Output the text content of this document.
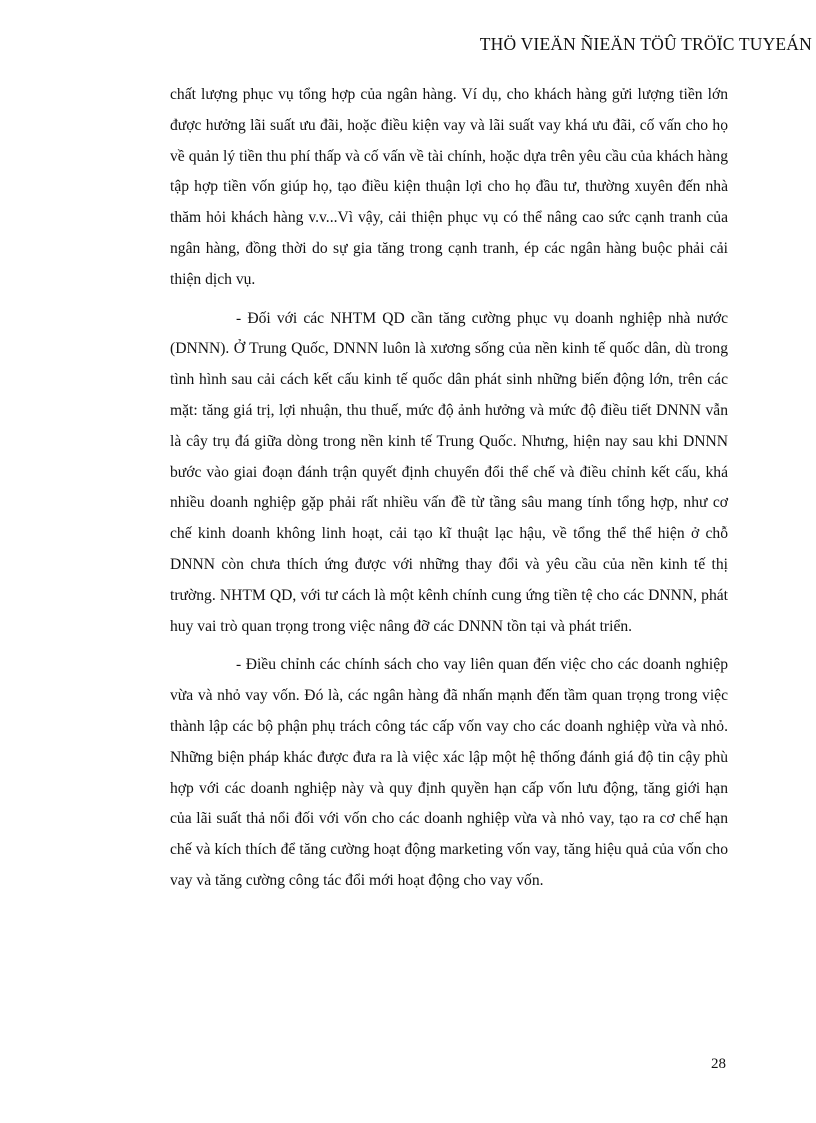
THÖ VIEÄN ÑIEÄN TÖÛ TRÖÏC TUYEÁN

chất lượng phục vụ tổng hợp của ngân hàng. Ví dụ, cho khách hàng gửi lượng tiền lớn được hưởng lãi suất ưu đãi, hoặc điều kiện vay và lãi suất vay khá ưu đãi, cố vấn cho họ về quản lý tiền thu phí thấp và cố vấn về tài chính, hoặc dựa trên yêu cầu của khách hàng tập hợp tiền vốn giúp họ, tạo điều kiện thuận lợi cho họ đầu tư, thường xuyên đến nhà thăm hỏi khách hàng v.v...Vì vậy, cải thiện phục vụ có thể nâng cao sức cạnh tranh của ngân hàng, đồng thời do sự gia tăng trong cạnh tranh, ép các ngân hàng buộc phải cải thiện dịch vụ.

- Đối với các NHTM QD cần tăng cường phục vụ doanh nghiệp nhà nước (DNNN). Ở Trung Quốc, DNNN luôn là xương sống của nền kinh tế quốc dân, dù trong tình hình sau cải cách kết cấu kinh tế quốc dân phát sinh những biến động lớn, trên các mặt: tăng giá trị, lợi nhuận, thu thuế, mức độ ảnh hưởng và mức độ điều tiết DNNN vẫn là cây trụ đá giữa dòng trong nền kinh tế Trung Quốc. Nhưng, hiện nay sau khi DNNN bước vào giai đoạn đánh trận quyết định chuyển đổi thể chế và điều chỉnh kết cấu, khá nhiều doanh nghiệp gặp phải rất nhiều vấn đề từ tầng sâu mang tính tổng hợp, như cơ chế kinh doanh không linh hoạt, cải tạo kĩ thuật lạc hậu, về tổng thể thể hiện ở chỗ DNNN còn chưa thích ứng được với những thay đổi và yêu cầu của nền kinh tế thị trường. NHTM QD, với tư cách là một kênh chính cung ứng tiền tệ cho các DNNN, phát huy vai trò quan trọng trong việc nâng đỡ các DNNN tồn tại và phát triển.

- Điều chỉnh các chính sách cho vay liên quan đến việc cho các doanh nghiệp vừa và nhỏ vay vốn. Đó là, các ngân hàng đã nhấn mạnh đến tầm quan trọng trong việc thành lập các bộ phận phụ trách công tác cấp vốn vay cho các doanh nghiệp vừa và nhỏ. Những biện pháp khác được đưa ra là việc xác lập một hệ thống đánh giá độ tin cậy phù hợp với các doanh nghiệp này và quy định quyền hạn cấp vốn lưu động, tăng giới hạn của lãi suất thả nổi đối với vốn cho các doanh nghiệp vừa và nhỏ vay, tạo ra cơ chế hạn chế và kích thích để tăng cường hoạt động marketing vốn vay, tăng hiệu quả của vốn cho vay và tăng cường công tác đổi mới hoạt động cho vay vốn.

28
